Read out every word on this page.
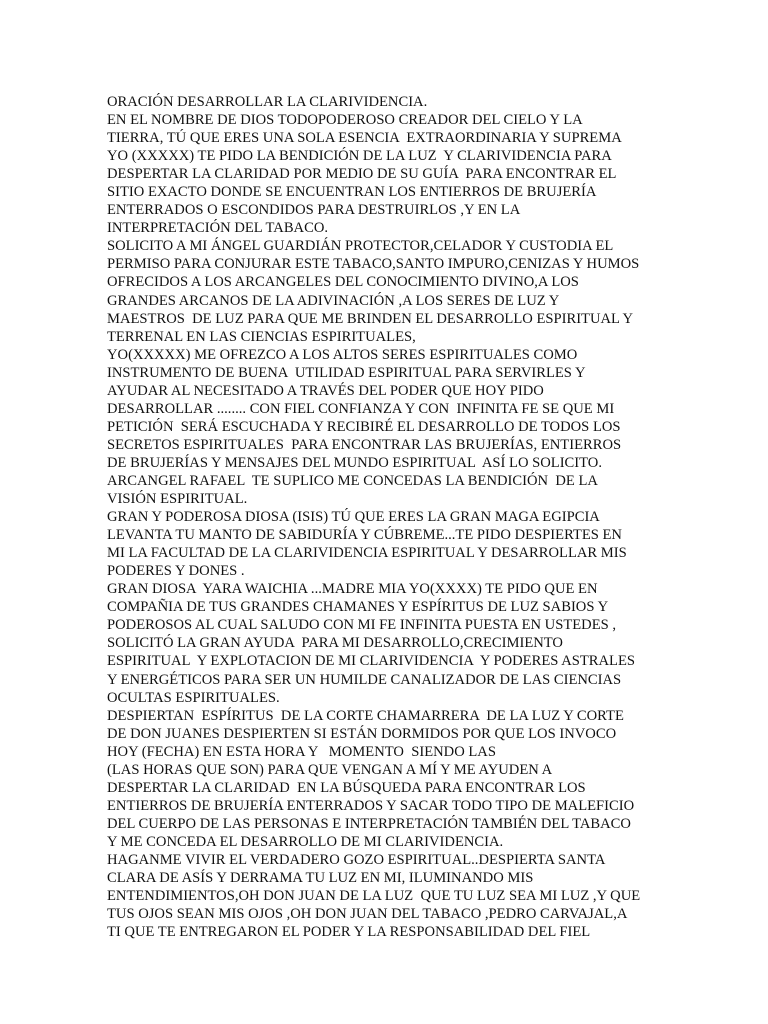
ORACIÓN DESARROLLAR LA CLARIVIDENCIA.
EN EL NOMBRE DE DIOS TODOPODEROSO CREADOR DEL CIELO Y LA
TIERRA, TÚ QUE ERES UNA SOLA ESENCIA  EXTRAORDINARIA Y SUPREMA
YO (XXXXX) TE PIDO LA BENDICIÓN DE LA LUZ  Y CLARIVIDENCIA PARA
DESPERTAR LA CLARIDAD POR MEDIO DE SU GUÍA  PARA ENCONTRAR EL
SITIO EXACTO DONDE SE ENCUENTRAN LOS ENTIERROS DE BRUJERÍA
ENTERRADOS O ESCONDIDOS PARA DESTRUIRLOS ,Y EN LA
INTERPRETACIÓN DEL TABACO.
SOLICITO A MI ÁNGEL GUARDIÁN PROTECTOR,CELADOR Y CUSTODIA EL
PERMISO PARA CONJURAR ESTE TABACO,SANTO IMPURO,CENIZAS Y HUMOS
OFRECIDOS A LOS ARCANGELES DEL CONOCIMIENTO DIVINO,A LOS
GRANDES ARCANOS DE LA ADIVINACIÓN ,A LOS SERES DE LUZ Y
MAESTROS  DE LUZ PARA QUE ME BRINDEN EL DESARROLLO ESPIRITUAL Y
TERRENAL EN LAS CIENCIAS ESPIRITUALES,
YO(XXXXX) ME OFREZCO A LOS ALTOS SERES ESPIRITUALES COMO
INSTRUMENTO DE BUENA  UTILIDAD ESPIRITUAL PARA SERVIRLES Y
AYUDAR AL NECESITADO A TRAVÉS DEL PODER QUE HOY PIDO
DESARROLLAR ........ CON FIEL CONFIANZA Y CON  INFINITA FE SE QUE MI
PETICIÓN  SERÁ ESCUCHADA Y RECIBIRÉ EL DESARROLLO DE TODOS LOS
SECRETOS ESPIRITUALES  PARA ENCONTRAR LAS BRUJERÍAS, ENTIERROS
DE BRUJERÍAS Y MENSAJES DEL MUNDO ESPIRITUAL  ASÍ LO SOLICITO.
ARCANGEL RAFAEL  TE SUPLICO ME CONCEDAS LA BENDICIÓN  DE LA
VISIÓN ESPIRITUAL.
GRAN Y PODEROSA DIOSA (ISIS) TÚ QUE ERES LA GRAN MAGA EGIPCIA
LEVANTA TU MANTO DE SABIDURÍA Y CÚBREME...TE PIDO DESPIERTES EN
MI LA FACULTAD DE LA CLARIVIDENCIA ESPIRITUAL Y DESARROLLAR MIS
PODERES Y DONES .
GRAN DIOSA  YARA WAICHIA ...MADRE MIA YO(XXXX) TE PIDO QUE EN
COMPAÑIA DE TUS GRANDES CHAMANES Y ESPÍRITUS DE LUZ SABIOS Y
PODEROSOS AL CUAL SALUDO CON MI FE INFINITA PUESTA EN USTEDES ,
SOLICITÓ LA GRAN AYUDA  PARA MI DESARROLLO,CRECIMIENTO
ESPIRITUAL  Y EXPLOTACION DE MI CLARIVIDENCIA  Y PODERES ASTRALES
Y ENERGÉTICOS PARA SER UN HUMILDE CANALIZADOR DE LAS CIENCIAS
OCULTAS ESPIRITUALES.
DESPIERTAN  ESPÍRITUS  DE LA CORTE CHAMARRERA  DE LA LUZ Y CORTE
DE DON JUANES DESPIERTEN SI ESTÁN DORMIDOS POR QUE LOS INVOCO
HOY (FECHA) EN ESTA HORA Y   MOMENTO  SIENDO LAS
(LAS HORAS QUE SON) PARA QUE VENGAN A MÍ Y ME AYUDEN A
DESPERTAR LA CLARIDAD  EN LA BÚSQUEDA PARA ENCONTRAR LOS
ENTIERROS DE BRUJERÍA ENTERRADOS Y SACAR TODO TIPO DE MALEFICIO
DEL CUERPO DE LAS PERSONAS E INTERPRETACIÓN TAMBIÉN DEL TABACO
Y ME CONCEDA EL DESARROLLO DE MI CLARIVIDENCIA.
HAGANME VIVIR EL VERDADERO GOZO ESPIRITUAL..DESPIERTA SANTA
CLARA DE ASÍS Y DERRAMA TU LUZ EN MI, ILUMINANDO MIS
ENTENDIMIENTOS,OH DON JUAN DE LA LUZ  QUE TU LUZ SEA MI LUZ ,Y QUE
TUS OJOS SEAN MIS OJOS ,OH DON JUAN DEL TABACO ,PEDRO CARVAJAL,A
TI QUE TE ENTREGARON EL PODER Y LA RESPONSABILIDAD DEL FIEL
